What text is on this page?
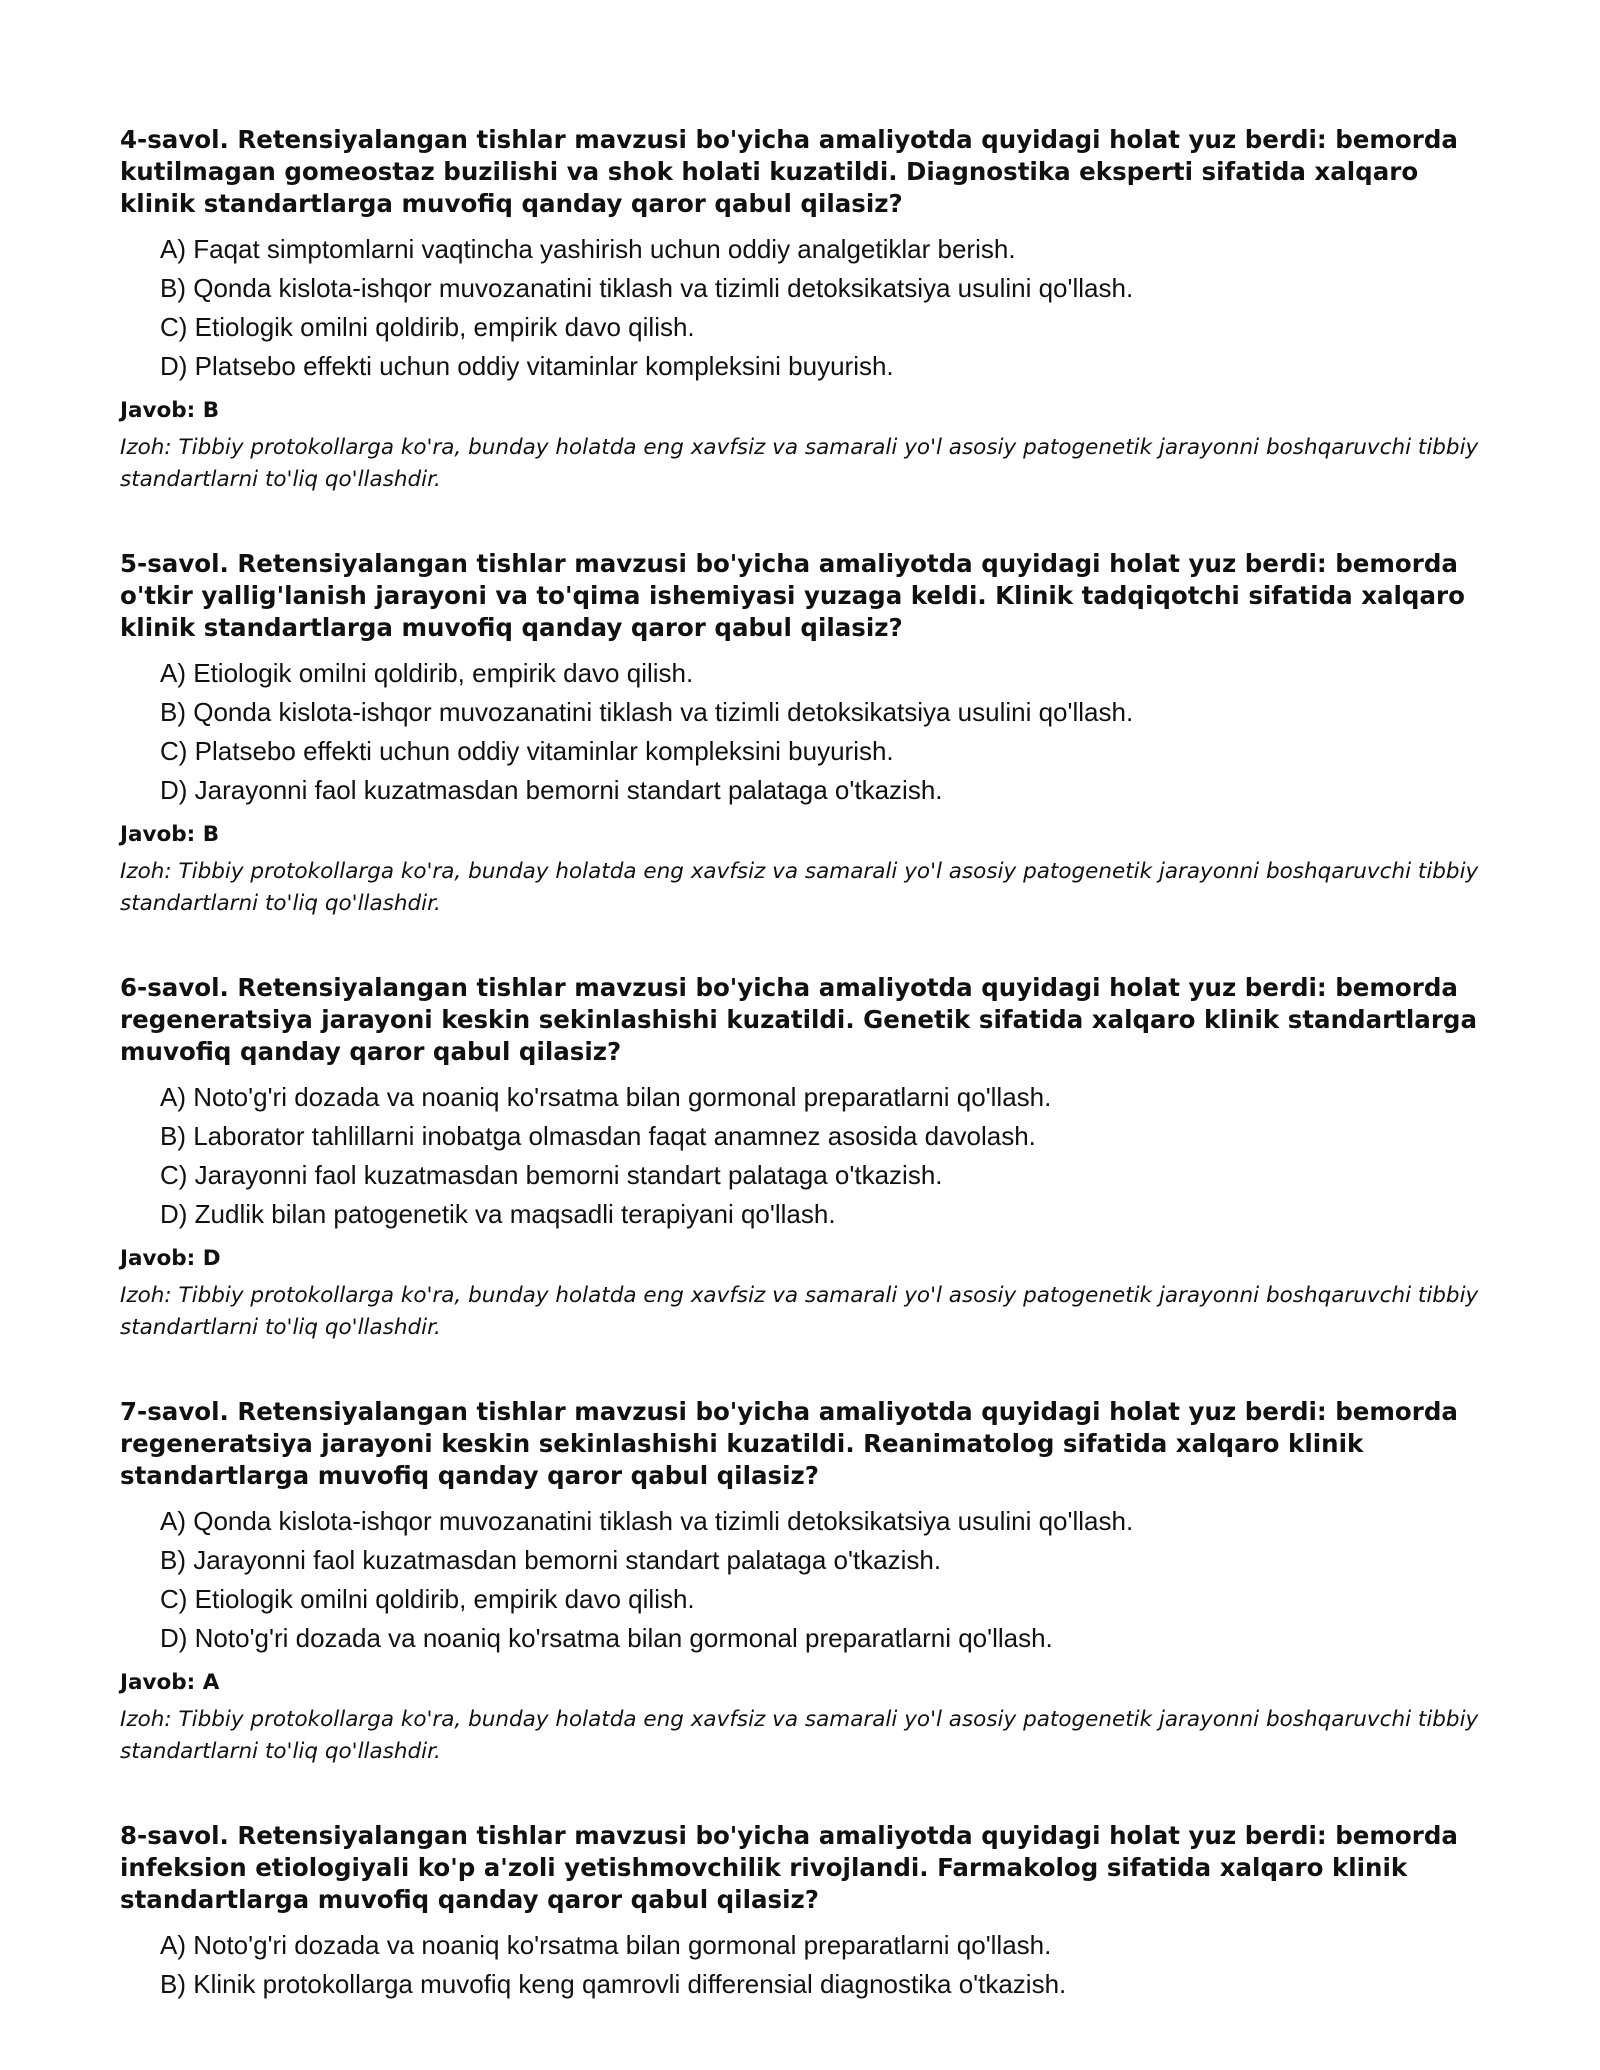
4-savol. Retensiyalangan tishlar mavzusi bo'yicha amaliyotda quyidagi holat yuz berdi: bemorda kutilmagan gomeostaz buzilishi va shok holati kuzatildi. Diagnostika eksperti sifatida xalqaro klinik standartlarga muvofiq qanday qaror qabul qilasiz?
A) Faqat simptomlarni vaqtincha yashirish uchun oddiy analgetiklar berish.
B) Qonda kislota-ishqor muvozanatini tiklash va tizimli detoksikatsiya usulini qo'llash.
C) Etiologik omilni qoldirib, empirik davo qilish.
D) Platsebo effekti uchun oddiy vitaminlar kompleksini buyurish.
Javob: B
Izoh: Tibbiy protokollarga ko'ra, bunday holatda eng xavfsiz va samarali yo'l asosiy patogenetik jarayonni boshqaruvchi tibbiy standartlarni to'liq qo'llashdir.
5-savol. Retensiyalangan tishlar mavzusi bo'yicha amaliyotda quyidagi holat yuz berdi: bemorda o'tkir yallig'lanish jarayoni va to'qima ishemiyasi yuzaga keldi. Klinik tadqiqotchi sifatida xalqaro klinik standartlarga muvofiq qanday qaror qabul qilasiz?
A) Etiologik omilni qoldirib, empirik davo qilish.
B) Qonda kislota-ishqor muvozanatini tiklash va tizimli detoksikatsiya usulini qo'llash.
C) Platsebo effekti uchun oddiy vitaminlar kompleksini buyurish.
D) Jarayonni faol kuzatmasdan bemorni standart palataga o'tkazish.
Javob: B
Izoh: Tibbiy protokollarga ko'ra, bunday holatda eng xavfsiz va samarali yo'l asosiy patogenetik jarayonni boshqaruvchi tibbiy standartlarni to'liq qo'llashdir.
6-savol. Retensiyalangan tishlar mavzusi bo'yicha amaliyotda quyidagi holat yuz berdi: bemorda regeneratsiya jarayoni keskin sekinlashishi kuzatildi. Genetik sifatida xalqaro klinik standartlarga muvofiq qanday qaror qabul qilasiz?
A) Noto'g'ri dozada va noaniq ko'rsatma bilan gormonal preparatlarni qo'llash.
B) Laborator tahlillarni inobatga olmasdan faqat anamnez asosida davolash.
C) Jarayonni faol kuzatmasdan bemorni standart palataga o'tkazish.
D) Zudlik bilan patogenetik va maqsadli terapiyani qo'llash.
Javob: D
Izoh: Tibbiy protokollarga ko'ra, bunday holatda eng xavfsiz va samarali yo'l asosiy patogenetik jarayonni boshqaruvchi tibbiy standartlarni to'liq qo'llashdir.
7-savol. Retensiyalangan tishlar mavzusi bo'yicha amaliyotda quyidagi holat yuz berdi: bemorda regeneratsiya jarayoni keskin sekinlashishi kuzatildi. Reanimatolog sifatida xalqaro klinik standartlarga muvofiq qanday qaror qabul qilasiz?
A) Qonda kislota-ishqor muvozanatini tiklash va tizimli detoksikatsiya usulini qo'llash.
B) Jarayonni faol kuzatmasdan bemorni standart palataga o'tkazish.
C) Etiologik omilni qoldirib, empirik davo qilish.
D) Noto'g'ri dozada va noaniq ko'rsatma bilan gormonal preparatlarni qo'llash.
Javob: A
Izoh: Tibbiy protokollarga ko'ra, bunday holatda eng xavfsiz va samarali yo'l asosiy patogenetik jarayonni boshqaruvchi tibbiy standartlarni to'liq qo'llashdir.
8-savol. Retensiyalangan tishlar mavzusi bo'yicha amaliyotda quyidagi holat yuz berdi: bemorda infeksion etiologiyali ko'p a'zoli yetishmovchilik rivojlandi. Farmakolog sifatida xalqaro klinik standartlarga muvofiq qanday qaror qabul qilasiz?
A) Noto'g'ri dozada va noaniq ko'rsatma bilan gormonal preparatlarni qo'llash.
B) Klinik protokollarga muvofiq keng qamrovli differensial diagnostika o'tkazish.
